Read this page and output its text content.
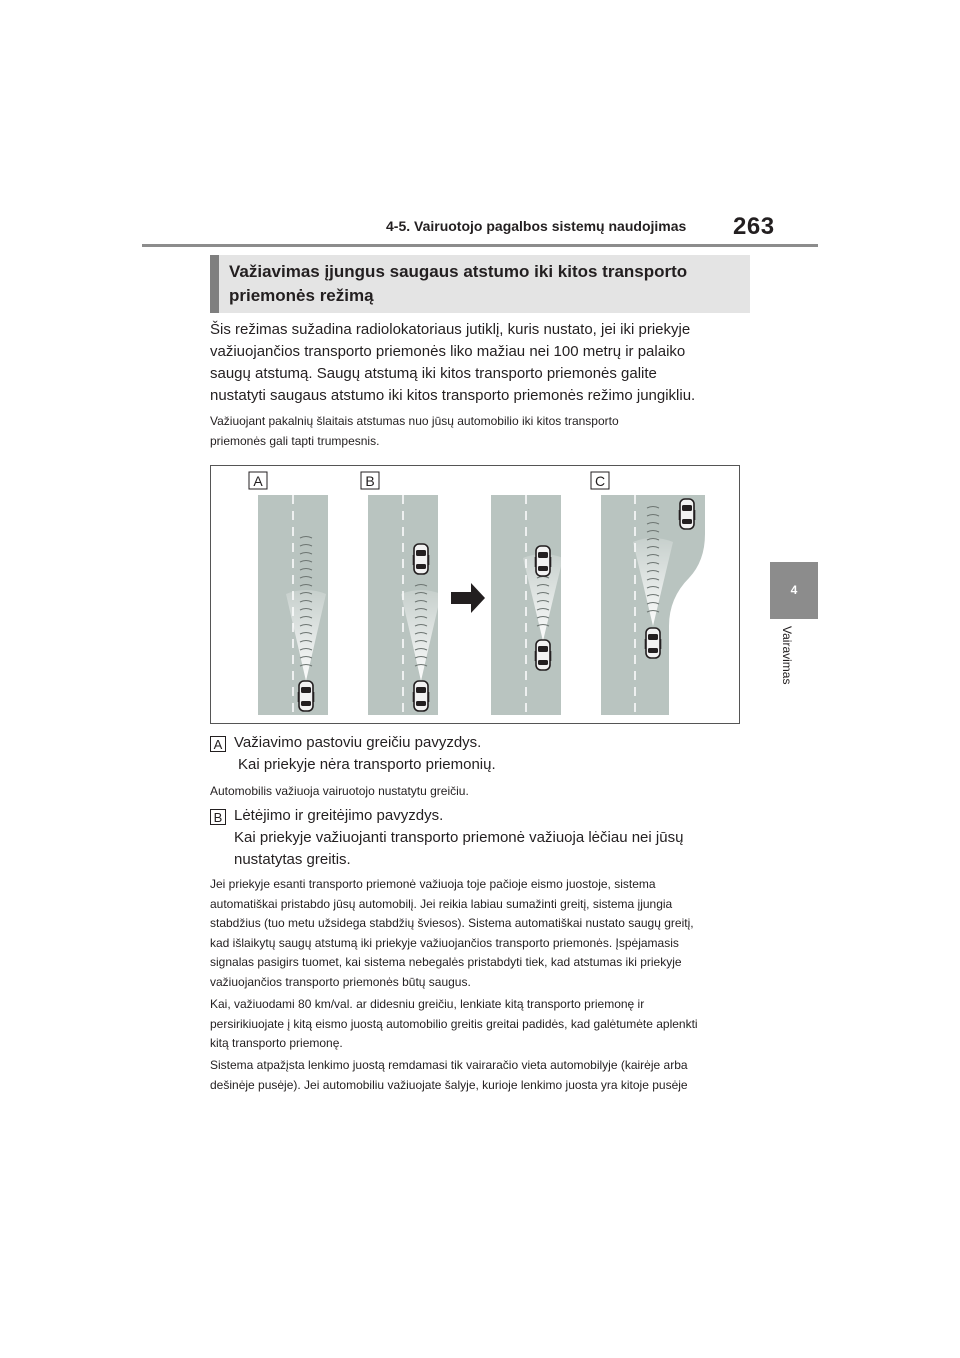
4-5. Vairuotojo pagalbos sistemų naudojimas 263
4
Vairavimas
Važiavimas įjungus saugaus atstumo iki kitos transporto priemonės režimą
Šis režimas sužadina radiolokatoriaus jutiklį, kuris nustato, jei iki priekyje
važiuojančios transporto priemonės liko mažiau nei 100 metrų ir palaiko
saugų atstumą. Saugų atstumą iki kitos transporto priemonės galite
nustatyti saugaus atstumo iki kitos transporto priemonės režimo jungikliu.
Važiuojant pakalnių šlaitais atstumas nuo jūsų automobilio iki kitos transporto
priemonės gali tapti trumpesnis.
A	B	C
A Važiavimo pastoviu greičiu pavyzdys.
Kai priekyje nėra transporto priemonių.
Automobilis važiuoja vairuotojo nustatytu greičiu.
B Lėtėjimo ir greitėjimo pavyzdys.
Kai priekyje važiuojanti transporto priemonė važiuoja lėčiau nei jūsų
nustatytas greitis.
Jei priekyje esanti transporto priemonė važiuoja toje pačioje eismo juostoje, sistema
automatiškai pristabdo jūsų automobilį. Jei reikia labiau sumažinti greitį, sistema įjungia
stabdžius (tuo metu užsidega stabdžių šviesos). Sistema automatiškai nustato saugų greitį,
kad išlaikytų saugų atstumą iki priekyje važiuojančios transporto priemonės. Įspėjamasis
signalas pasigirs tuomet, kai sistema nebegalės pristabdyti tiek, kad atstumas iki priekyje
važiuojančios transporto priemonės būtų saugus.
Kai, važiuodami 80 km/val. ar didesniu greičiu, lenkiate kitą transporto priemonę ir
persirikiuojate į kitą eismo juostą automobilio greitis greitai padidės, kad galėtumėte aplenkti
kitą transporto priemonę.
Sistema atpažįsta lenkimo juostą remdamasi tik vairaračio vieta automobilyje (kairėje arba
dešinėje pusėje). Jei automobiliu važiuojate šalyje, kurioje lenkimo juosta yra kitoje pusėje
